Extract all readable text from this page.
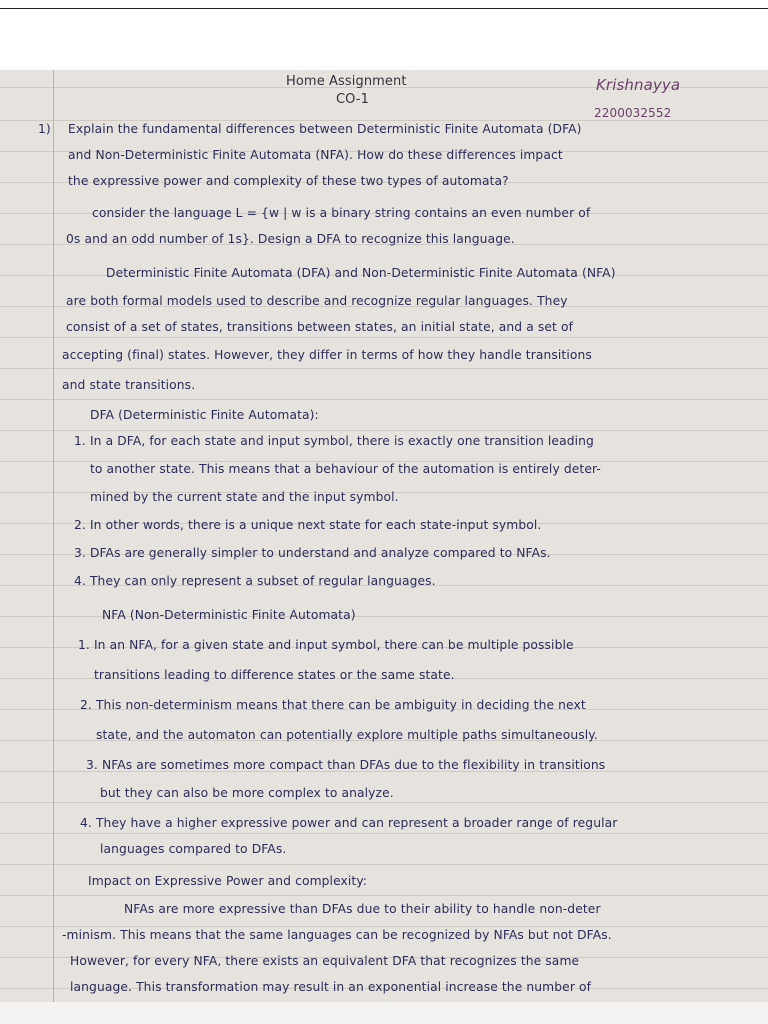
Home Assignment

CO-1

Krishnayya

2200032552

1) Explain the fundamental differences between Deterministic Finite Automata (DFA)

and Non-Deterministic Finite Automata (NFA). How do these differences impact

the expressive power and complexity of these two types of automata?

consider the language L = {w | w is a binary string contains an even number of

0s and an odd number of 1s}. Design a DFA to recognize this language.

Deterministic Finite Automata (DFA) and Non-Deterministic Finite Automata (NFA)

are both formal models used to describe and recognize regular languages. They

consist of a set of states, transitions between states, an initial state, and a set of

accepting (final) states. However, they differ in terms of how they handle transitions

and state transitions.

DFA (Deterministic Finite Automata):

1. In a DFA, for each state and input symbol, there is exactly one transition leading

to another state. This means that a behaviour of the automation is entirely deter-

mined by the current state and the input symbol.

2. In other words, there is a unique next state for each state-input symbol.

3. DFAs are generally simpler to understand and analyze compared to NFAs.

4. They can only represent a subset of regular languages.

NFA (Non-Deterministic Finite Automata)

1. In an NFA, for a given state and input symbol, there can be multiple possible

transitions leading to difference states or the same state.

2. This non-determinism means that there can be ambiguity in deciding the next

state, and the automaton can potentially explore multiple paths simultaneously.

3. NFAs are sometimes more compact than DFAs due to the flexibility in transitions

but they can also be more complex to analyze.

4. They have a higher expressive power and can represent a broader range of regular

languages compared to DFAs.

Impact on Expressive Power and complexity:

NFAs are more expressive than DFAs due to their ability to handle non-deter

-minism. This means that the same languages can be recognized by NFAs but not DFAs.

However, for every NFA, there exists an equivalent DFA that recognizes the same

language. This transformation may result in an exponential increase the number of
